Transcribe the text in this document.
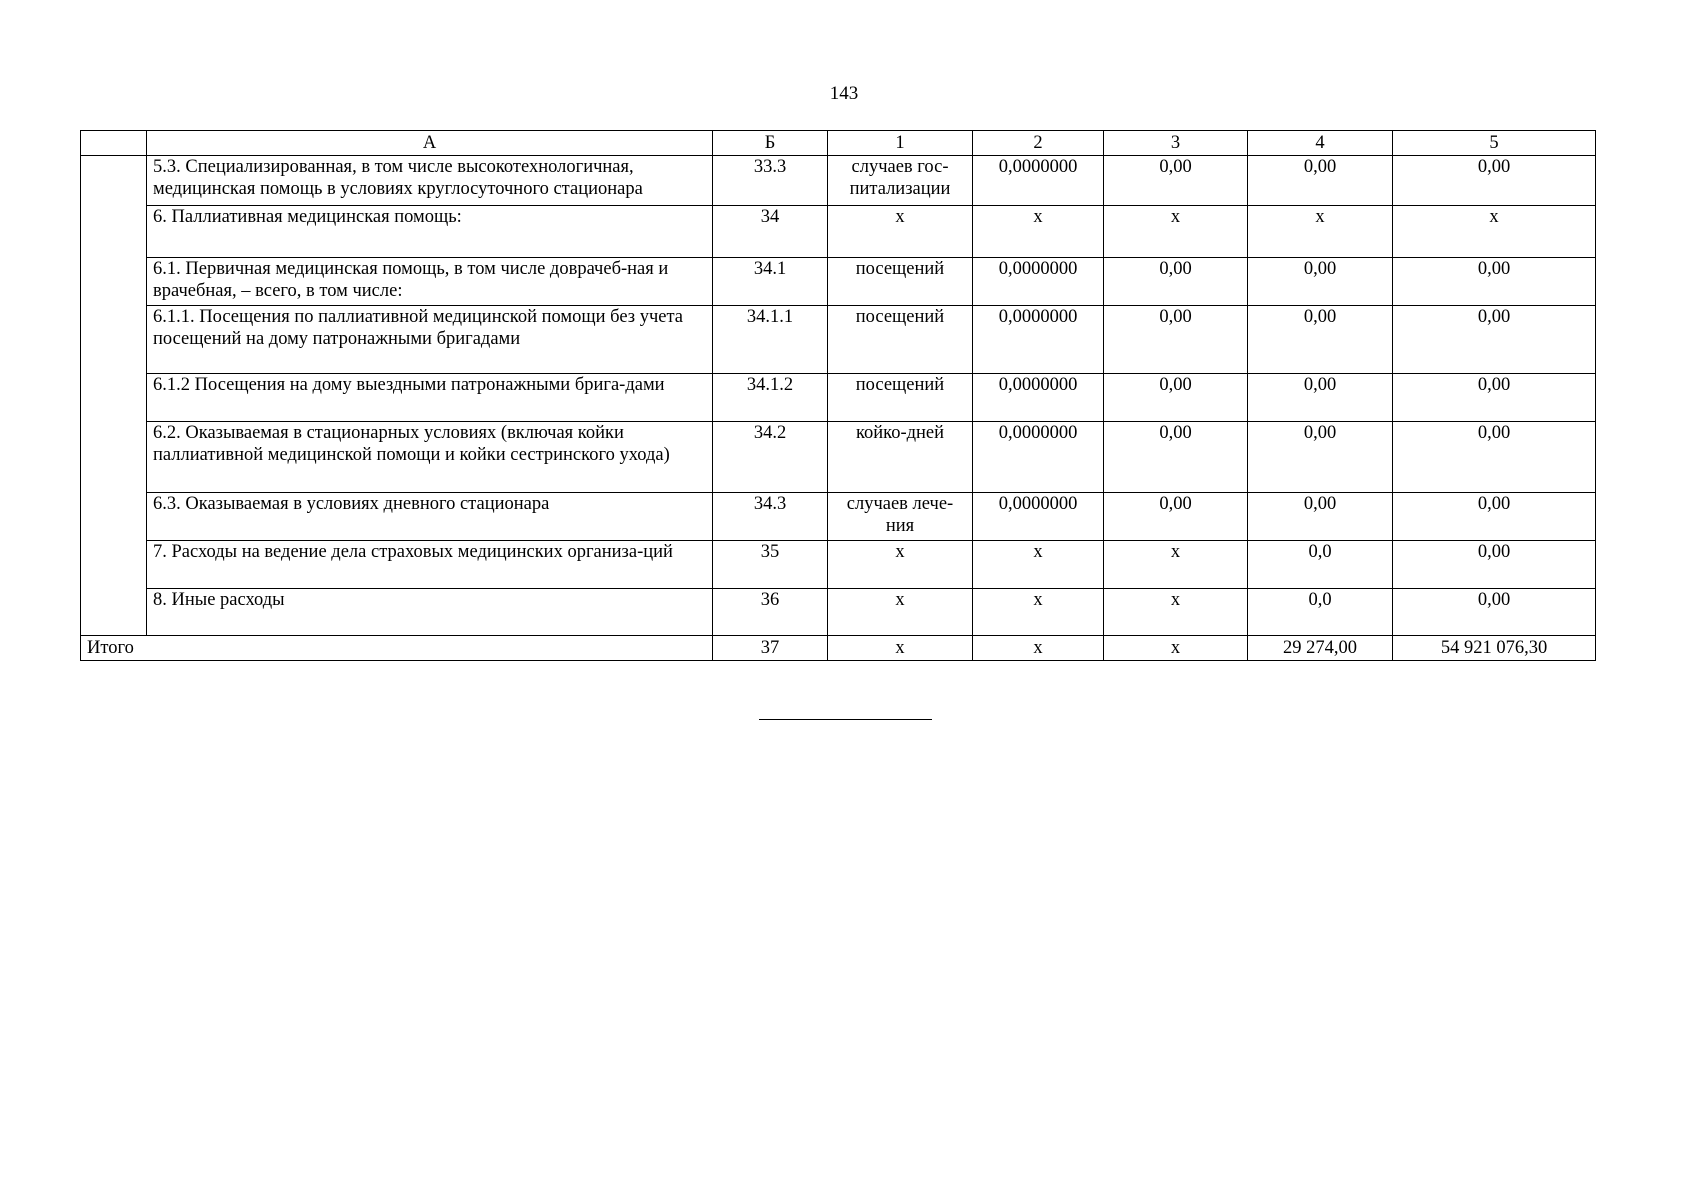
143
	А	Б	1	2	3	4	5
	5.3. Специализированная, в том числе высокотехнологичная, медицинская помощь в условиях круглосуточного стационара	33.3	случаев гос-питализации	0,0000000	0,00	0,00	0,00
	6. Паллиативная медицинская помощь:	34	х	х	х	х	х
	6.1. Первичная медицинская помощь, в том числе доврачеб-ная и врачебная, – всего, в том числе:	34.1	посещений	0,0000000	0,00	0,00	0,00
	6.1.1. Посещения по паллиативной медицинской помощи без учета посещений на дому патронажными бригадами	34.1.1	посещений	0,0000000	0,00	0,00	0,00
	6.1.2 Посещения на дому выездными патронажными брига-дами	34.1.2	посещений	0,0000000	0,00	0,00	0,00
	6.2. Оказываемая в стационарных условиях (включая койки паллиативной медицинской помощи и койки сестринского ухода)	34.2	койко-дней	0,0000000	0,00	0,00	0,00
	6.3. Оказываемая в условиях дневного стационара	34.3	случаев лече-ния	0,0000000	0,00	0,00	0,00
	7. Расходы на ведение дела страховых медицинских организа-ций	35	х	х	х	0,0	0,00
	8. Иные расходы	36	х	х	х	0,0	0,00
Итого		37	х	х	х	29 274,00	54 921 076,30
